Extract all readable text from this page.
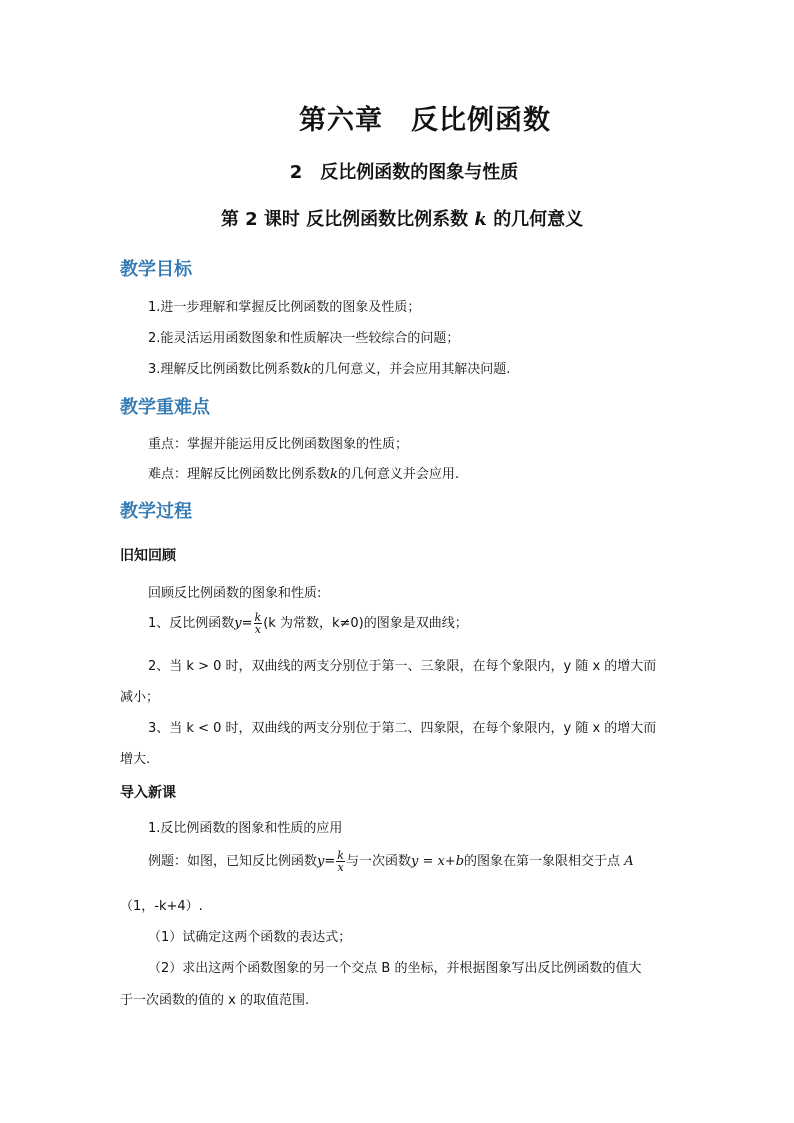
第六章　反比例函数
2　反比例函数的图象与性质
第 2 课时 反比例函数比例系数 k 的几何意义
教学目标
1.进一步理解和掌握反比例函数的图象及性质；
2.能灵活运用函数图象和性质解决一些较综合的问题；
3.理解反比例函数比例系数k的几何意义，并会应用其解决问题.
教学重难点
重点：掌握并能运用反比例函数图象的性质；
难点：理解反比例函数比例系数k的几何意义并会应用.
教学过程
旧知回顾
回顾反比例函数的图象和性质:
1、反比例函数$y= \frac{k}{x} (k$ 为常数，k≠0)的图象是双曲线；
2、当 k > 0 时，双曲线的两支分别位于第一、三象限，在每个象限内，y 随 x 的增大而
减小；
3、当 k < 0 时，双曲线的两支分别位于第二、四象限，在每个象限内，y 随 x 的增大而
增大.
导入新课
1.反比例函数的图象和性质的应用
例题：如图，已知反比例函数$y= \frac{k}{x}$ 与一次函数y = x+b的图象在第一象限相交于点 A
（1，-k+4）.
（1）试确定这两个函数的表达式；
（2）求出这两个函数图象的另一个交点 B 的坐标，并根据图象写出反比例函数的值大
于一次函数的值的 x 的取值范围.
